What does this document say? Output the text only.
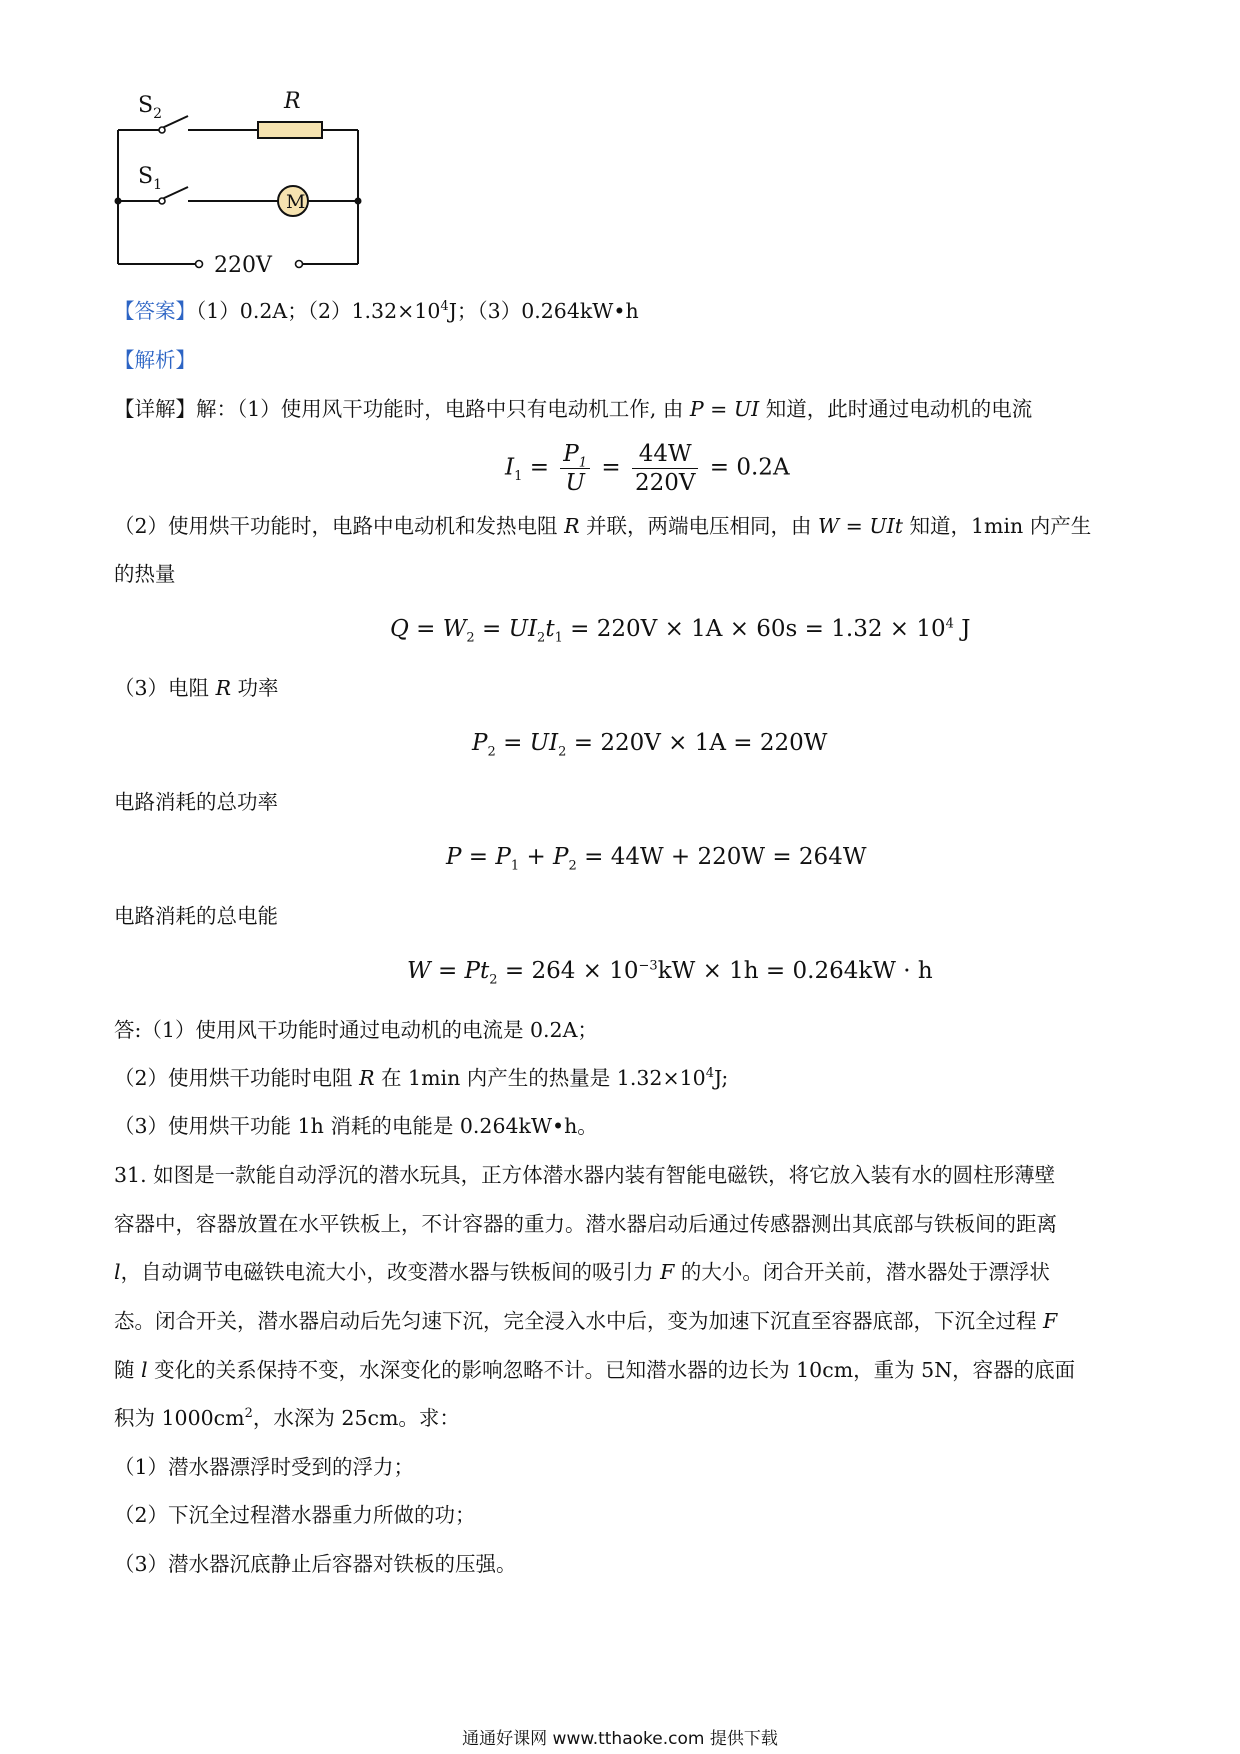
$S_2$	R
$S_1$
M
220V
【答案】（1）0.2A；$(2)1.32\times 10^4J$；（3）0.264kW•h
【解析】
【详解】解：（1）使用风干功能时，电路中只有电动机工作, 由 P = UI 知道，此时通过电动机的电流
$I_1 = \frac{P_1}{U} = \frac{44W}{220V} = 0.2A$
（2）使用烘干功能时，电路中电动机和发热电阻 R 并联，两端电压相同，由 W = UIt 知道，1min 内产生
的热量
$Q = W_2 = UI_2t_1 = 220V \times 1A \times 60s = 1.32 \times 10^4$ J
（3）电阻 R 功率
$P_2 = UI_2 = 220V \times 1A = 220W$
电路消耗的总功率
$P = P_1 + P_2 = 44W + 220W = 264W$
电路消耗的总电能
$W = Pt_2 = 264 \times 10^{-3}kW \times 1h = 0.264kW \cdot h$
答:（1）使用风干功能时通过电动机的电流是 0.2A；
（2）使用烘干功能时电阻 R 在 1min 内产生的热量是 $1.32\times 10^4J$;
（3）使用烘干功能 1h 消耗的电能是 0.264kW•h。
31. 如图是一款能自动浮沉的潜水玩具，正方体潜水器内装有智能电磁铁，将它放入装有水的圆柱形薄壁
容器中，容器放置在水平铁板上，不计容器的重力。潜水器启动后通过传感器测出其底部与铁板间的距离
l，自动调节电磁铁电流大小，改变潜水器与铁板间的吸引力 F 的大小。闭合开关前，潜水器处于漂浮状
态。闭合开关，潜水器启动后先匀速下沉，完全浸入水中后，变为加速下沉直至容器底部，下沉全过程 F
随 l 变化的关系保持不变，水深变化的影响忽略不计。已知潜水器的边长为 10cm，重为 5N，容器的底面
积为 $1000cm^2$，水深为 25cm。求：
（1）潜水器漂浮时受到的浮力；
（2）下沉全过程潜水器重力所做的功；
（3）潜水器沉底静止后容器对铁板的压强。
通通好课网 www.tthaoke.com 提供下载
